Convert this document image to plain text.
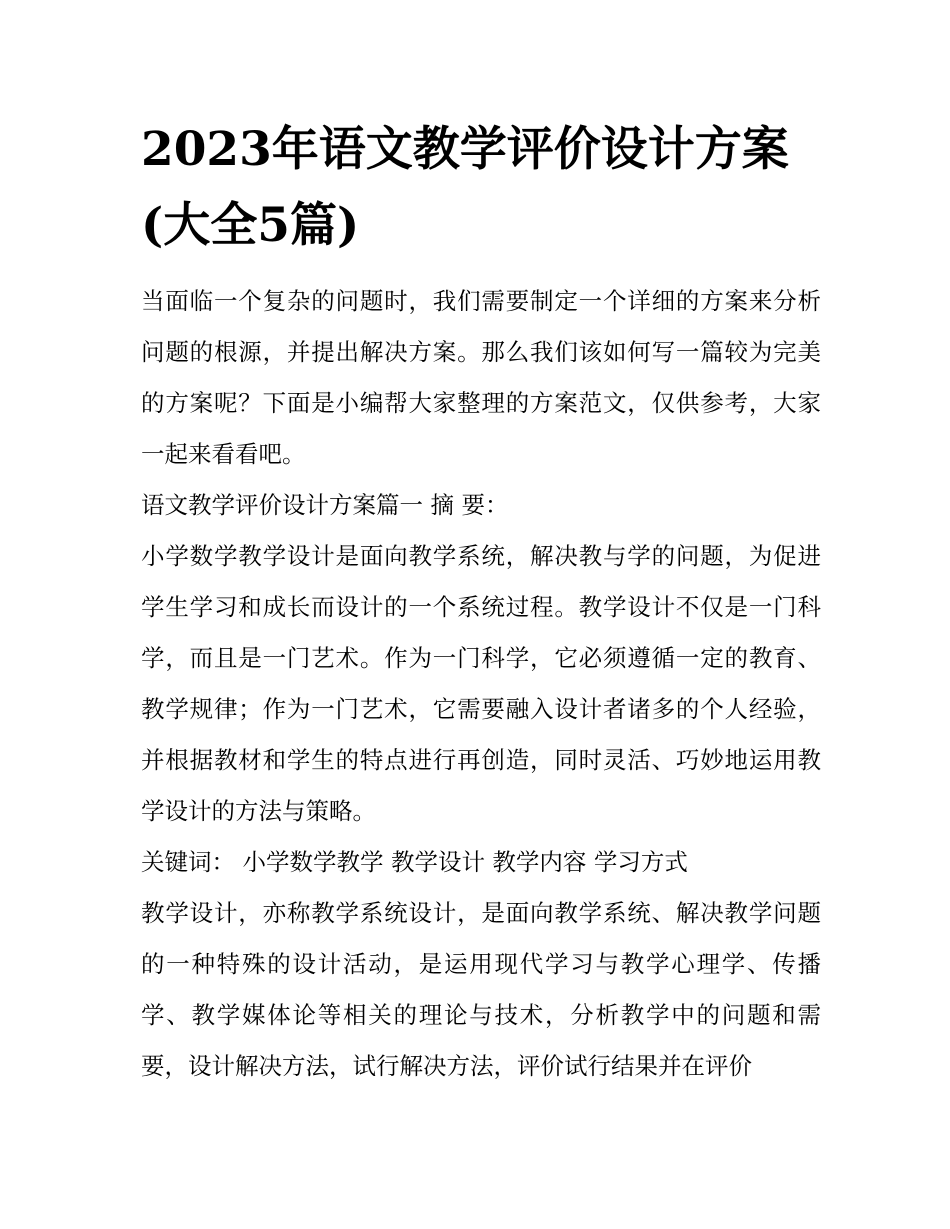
2023年语文教学评价设计方案(大全5篇)

当面临一个复杂的问题时，我们需要制定一个详细的方案来分析问题的根源，并提出解决方案。那么我们该如何写一篇较为完美的方案呢？下面是小编帮大家整理的方案范文，仅供参考，大家一起来看看吧。

语文教学评价设计方案篇一 摘 要：

小学数学教学设计是面向教学系统，解决教与学的问题，为促进学生学习和成长而设计的一个系统过程。教学设计不仅是一门科学，而且是一门艺术。作为一门科学，它必须遵循一定的教育、教学规律；作为一门艺术，它需要融入设计者诸多的个人经验，并根据教材和学生的特点进行再创造，同时灵活、巧妙地运用教学设计的方法与策略。

关键词： 小学数学教学 教学设计 教学内容 学习方式

教学设计，亦称教学系统设计，是面向教学系统、解决教学问题的一种特殊的设计活动，是运用现代学习与教学心理学、传播学、教学媒体论等相关的理论与技术，分析教学中的问题和需要，设计解决方法，试行解决方法，评价试行结果并在评价
